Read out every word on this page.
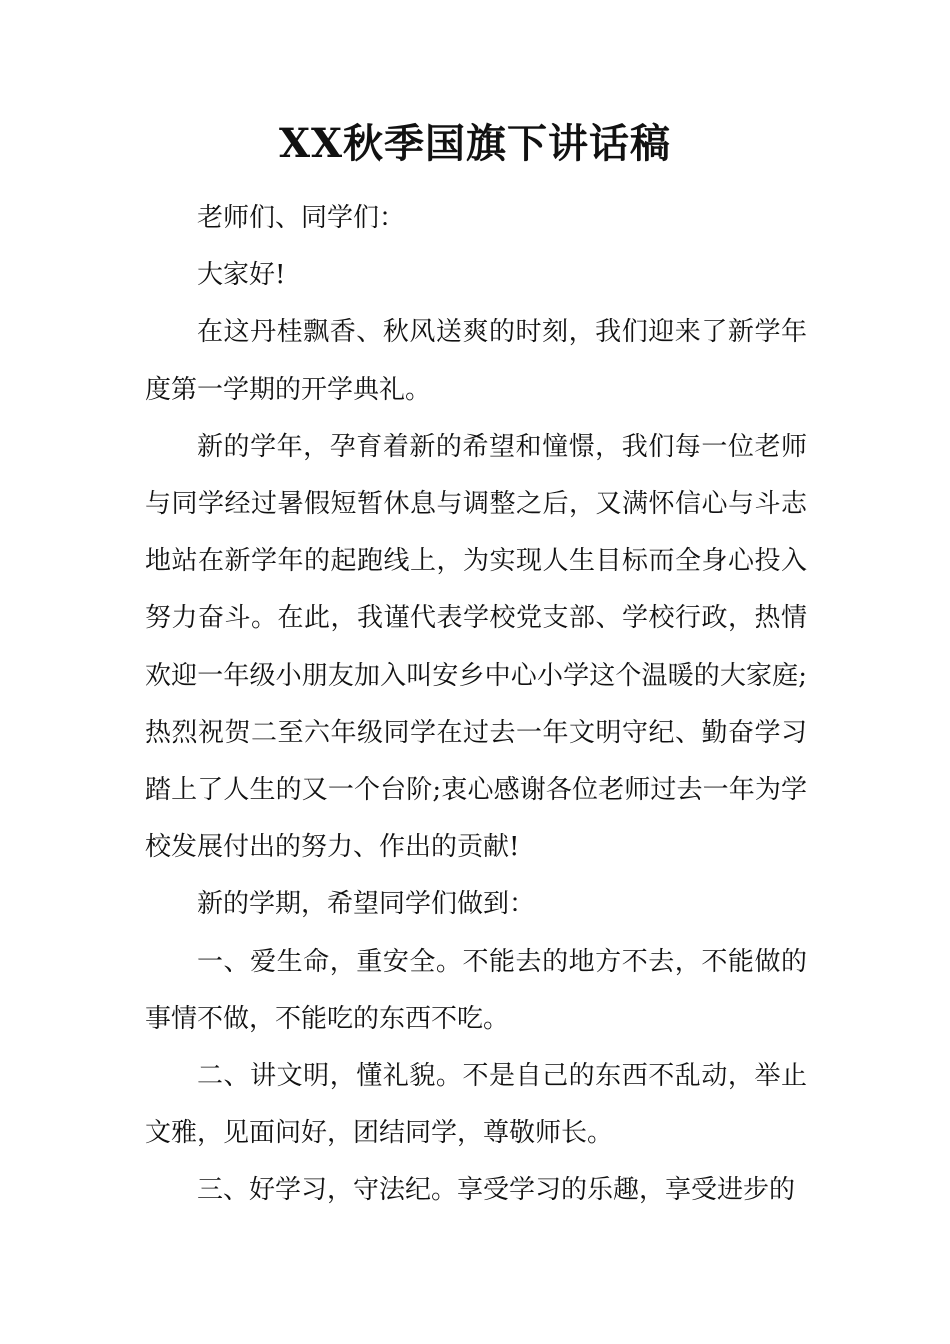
XX秋季国旗下讲话稿

老师们、同学们：

大家好!

在这丹桂飘香、秋风送爽的时刻，我们迎来了新学年度第一学期的开学典礼。

新的学年，孕育着新的希望和憧憬，我们每一位老师与同学经过暑假短暂休息与调整之后，又满怀信心与斗志地站在新学年的起跑线上，为实现人生目标而全身心投入努力奋斗。在此，我谨代表学校党支部、学校行政，热情欢迎一年级小朋友加入叫安乡中心小学这个温暖的大家庭;热烈祝贺二至六年级同学在过去一年文明守纪、勤奋学习踏上了人生的又一个台阶;衷心感谢各位老师过去一年为学校发展付出的努力、作出的贡献!

新的学期，希望同学们做到：

一、爱生命，重安全。不能去的地方不去，不能做的事情不做，不能吃的东西不吃。

二、讲文明，懂礼貌。不是自己的东西不乱动，举止文雅，见面问好，团结同学，尊敬师长。

三、好学习，守法纪。享受学习的乐趣，享受进步的
